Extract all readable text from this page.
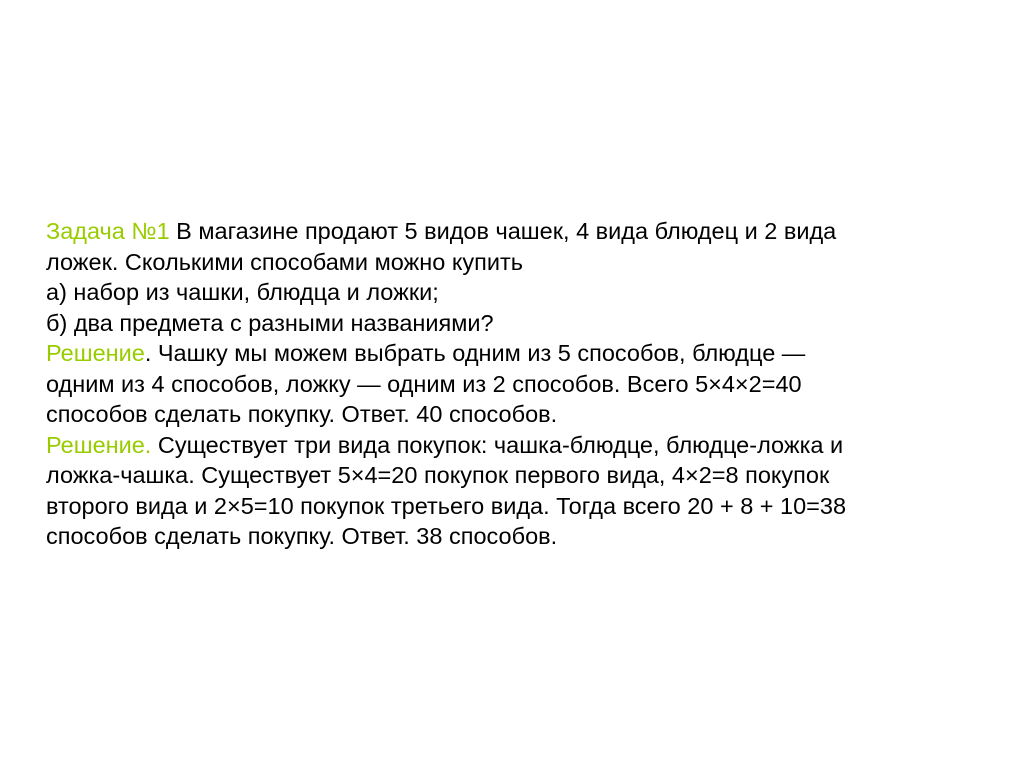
Задача №1 В магазине продают 5 видов чашек, 4 вида блюдец и 2 вида
ложек. Сколькими способами можно купить
а) набор из чашки, блюдца и ложки;
б) два предмета с разными названиями?
Решение. Чашку мы можем выбрать одним из 5 способов, блюдце —
одним из 4 способов, ложку — одним из 2 способов. Всего 5×4×2=40
способов сделать покупку. Ответ. 40 способов.
Решение. Существует три вида покупок: чашка-блюдце, блюдце-ложка и
ложка-чашка. Существует 5×4=20 покупок первого вида, 4×2=8 покупок
второго вида и 2×5=10 покупок третьего вида. Тогда всего 20 + 8 + 10=38
способов сделать покупку. Ответ. 38 способов.
